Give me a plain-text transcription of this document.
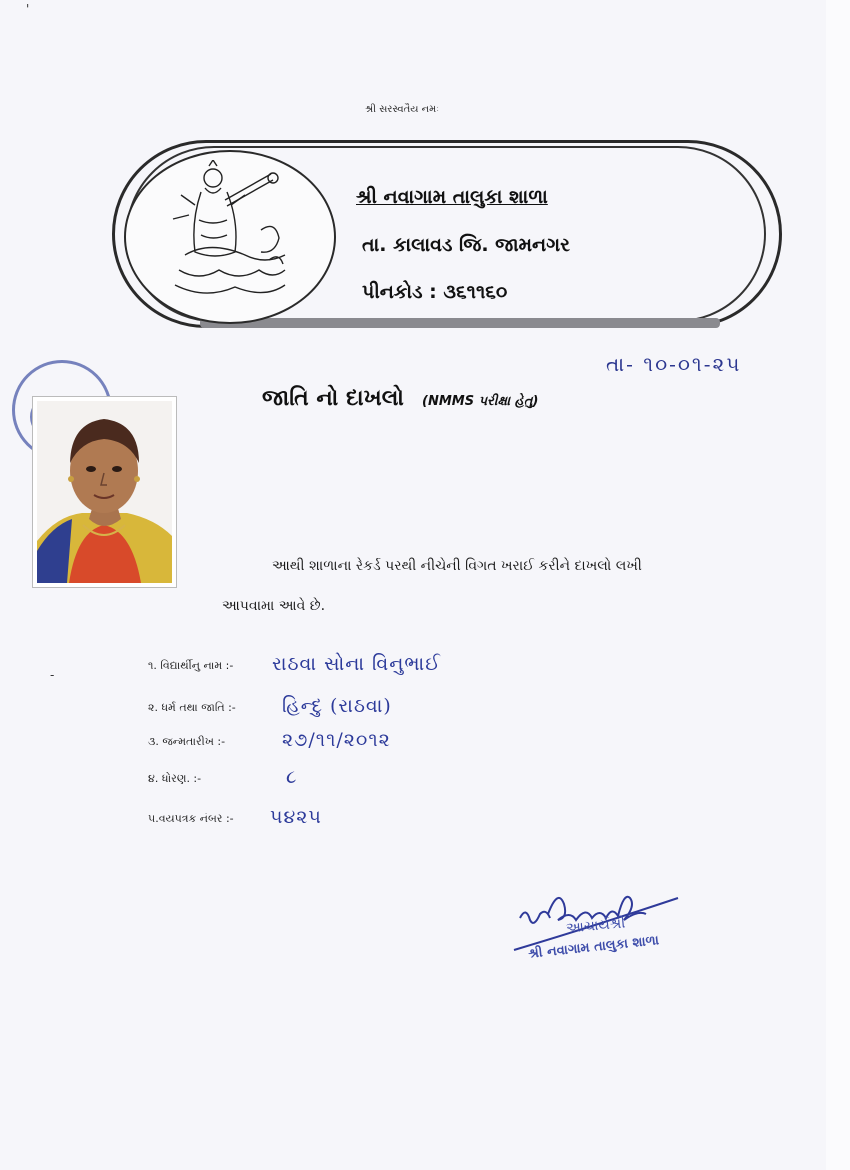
'
-
શ્રી સરસ્વતૈય નમઃ
શ્રી નવાગામ તાલુકા શાળા
તા. કાલાવડ જિ. જામનગર
પીનકોડ : ૩૬૧૧૬૦
તા- ૧૦-૦૧-૨૫
જાતિ નો દાખલો (NMMS પરીક્ષા હેતુ)
આથી શાળાના રેકર્ડ પરથી નીચેની વિગત ખરાઈ કરીને દાખલો લખી
આપવામા આવે છે.
૧. વિદ્યાર્થીનુ નામ :- રાઠવા સોના વિનુભાઈ
૨. ધર્મ તથા જાતિ :- હિન્દુ (રાઠવા)
૩. જન્મતારીખ :-	૨૭/૧૧/૨૦૧૨
૪. ધોરણ. :-	૮
૫.વયપત્રક નંબર :- ૫૪૨૫
આચાર્યશ્રી
શ્રી નવાગામ તાલુકા શાળા
